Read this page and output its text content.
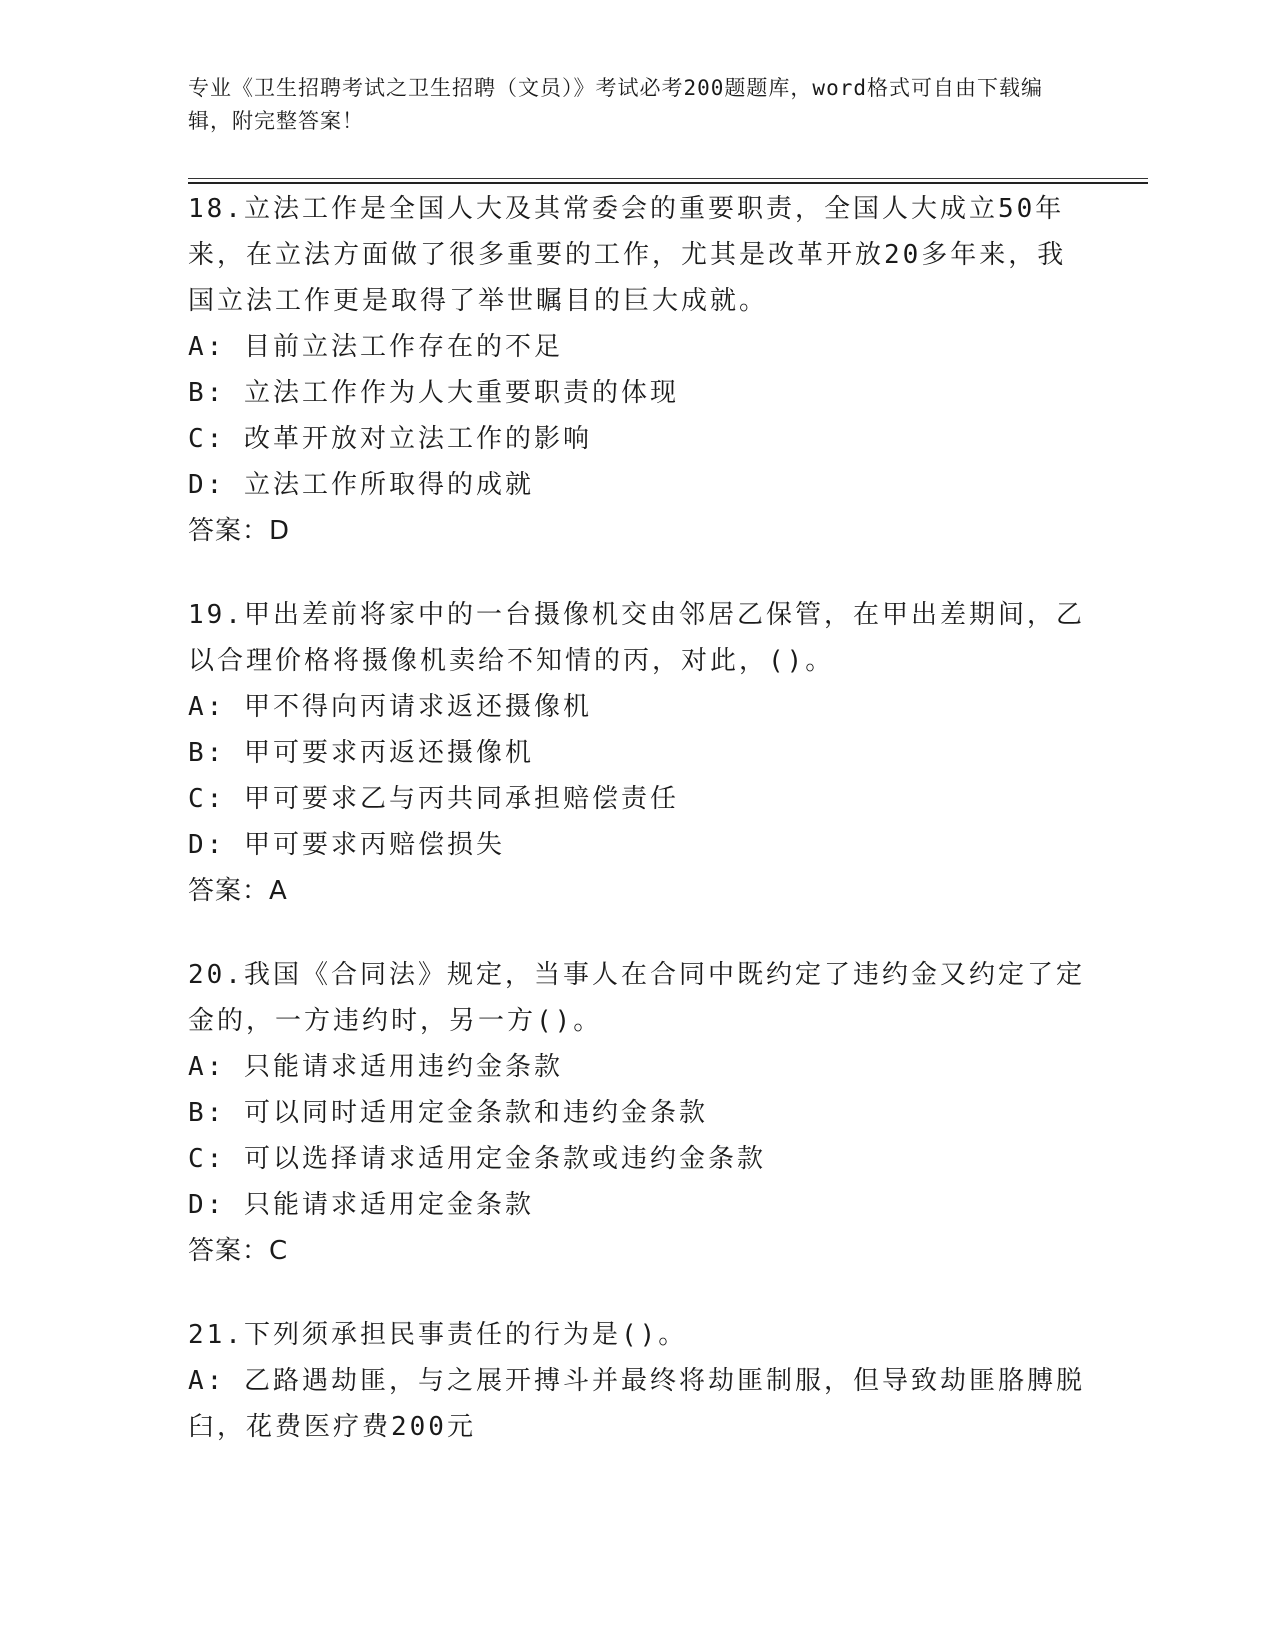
专业《卫生招聘考试之卫生招聘（文员）》考试必考200题题库，word格式可自由下载编辑，附完整答案！

18.立法工作是全国人大及其常委会的重要职责，全国人大成立50年来，在立法方面做了很多重要的工作，尤其是改革开放20多年来，我国立法工作更是取得了举世瞩目的巨大成就。

A: 目前立法工作存在的不足

B: 立法工作作为人大重要职责的体现

C: 改革开放对立法工作的影响

D: 立法工作所取得的成就

答案：D

19.甲出差前将家中的一台摄像机交由邻居乙保管，在甲出差期间，乙以合理价格将摄像机卖给不知情的丙，对此，()。

A: 甲不得向丙请求返还摄像机

B: 甲可要求丙返还摄像机

C: 甲可要求乙与丙共同承担赔偿责任

D: 甲可要求丙赔偿损失

答案：A

20.我国《合同法》规定，当事人在合同中既约定了违约金又约定了定金的，一方违约时，另一方()。

A: 只能请求适用违约金条款

B: 可以同时适用定金条款和违约金条款

C: 可以选择请求适用定金条款或违约金条款

D: 只能请求适用定金条款

答案：C

21.下列须承担民事责任的行为是()。

A: 乙路遇劫匪，与之展开搏斗并最终将劫匪制服，但导致劫匪胳膊脱臼，花费医疗费200元
